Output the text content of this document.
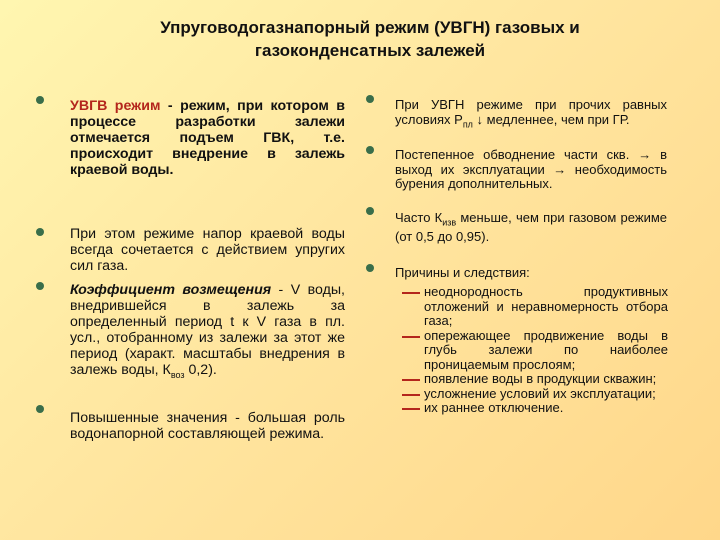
Упруговодогазнапорный режим (УВГН) газовых и
газоконденсатных залежей
УВГВ режим - режим, при котором в процессе разработки залежи отмечается подъем ГВК, т.е. происходит внедрение в залежь краевой воды.
При этом режиме напор краевой воды всегда сочетается с действием упругих сил газа.
Коэффициент возмещения - V воды, внедрившейся в залежь за определенный период t к V газа в пл. усл., отобранному из залежи за этот же период (характ. масштабы внедрения в залежь воды, $К_{воз}$ 0,2).
Повышенные значения - большая роль водонапорной составляющей режима.
При УВГН режиме при прочих равных условиях $Р_{пл}$ ↓ медленнее, чем при ГР.
Постепенное обводнение части скв. → в выход их эксплуатации → необходимость бурения дополнительных.
Часто $К_{изв}$ меньше, чем при газовом режиме (от 0,5 до 0,95).
Причины и следствия:
неоднородность продуктивных отложений и неравномерность отбора газа;
опережающее продвижение воды в глубь залежи по наиболее проницаемым прослоям;
появление воды в продукции скважин;
усложнение условий их эксплуатации;
их раннее отключение.
